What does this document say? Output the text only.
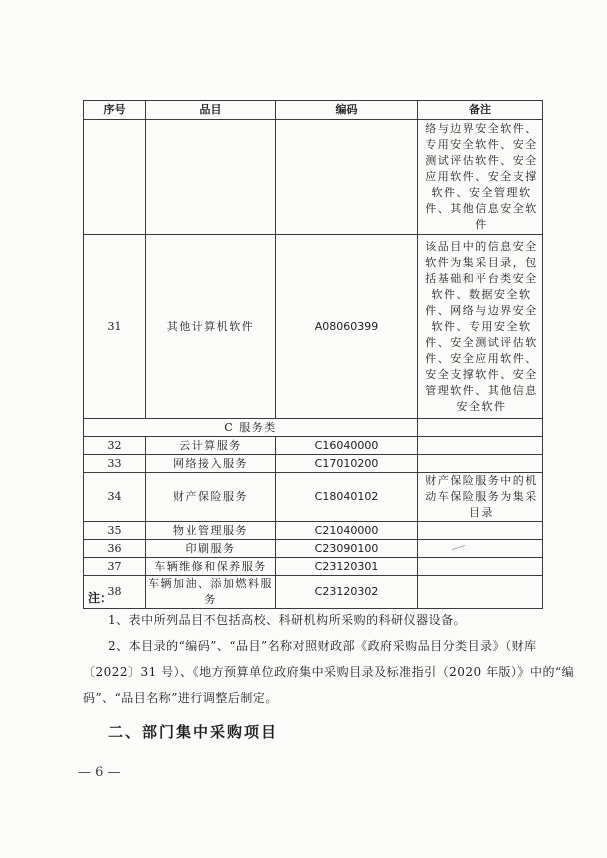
序号	品目	编码	备注
			络与边界安全软件、专用安全软件、安全测试评估软件、安全应用软件、安全支撑软件、安全管理软件、其他信息安全软件
31	其他计算机软件	A08060399	该品目中的信息安全软件为集采目录，包括基础和平台类安全软件、数据安全软件、网络与边界安全软件、专用安全软件、安全测试评估软件、安全应用软件、安全支撑软件、安全管理软件、其他信息安全软件
C 服务类			
32	云计算服务	C16040000	
33	网络接入服务	C17010200	
34	财产保险服务	C18040102	财产保险服务中的机动车保险服务为集采目录
35	物业管理服务	C21040000	
36	印刷服务	C23090100	
37	车辆维修和保养服务	C23120301	
38	车辆加油、添加燃料服务	C23120302	
注：
1、表中所列品目不包括高校、科研机构所采购的科研仪器设备。
2、本目录的“编码”、“品目”名称对照财政部《政府采购品目分类目录》（财库
〔2022〕31 号）、《地方预算单位政府集中采购目录及标准指引（2020 年版）》中的“编
码”、“品目名称”进行调整后制定。
二、部门集中采购项目
— 6 —
